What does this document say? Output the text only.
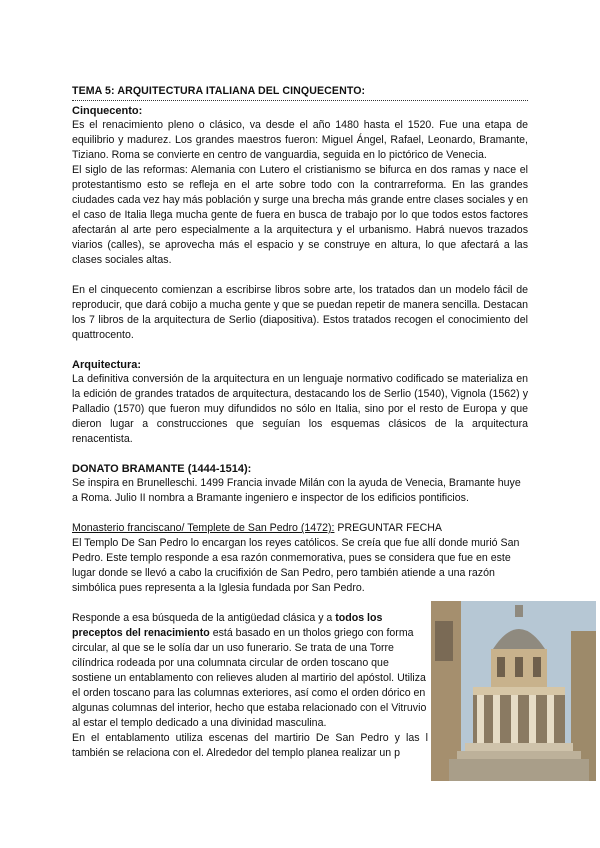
TEMA 5: ARQUITECTURA ITALIANA DEL CINQUECENTO:
Cinquecento:

Es el renacimiento pleno o clásico, va desde el año 1480 hasta el 1520. Fue una etapa de equilibrio y madurez. Los grandes maestros fueron: Miguel Ángel, Rafael, Leonardo, Bramante, Tiziano. Roma se convierte en centro de vanguardia, seguida en lo pictórico de Venecia.

El siglo de las reformas: Alemania con Lutero el cristianismo se bifurca en dos ramas y nace el protestantismo esto se refleja en el arte sobre todo con la contrarreforma. En las grandes ciudades cada vez hay más población y surge una brecha más grande entre clases sociales y en el caso de Italia llega mucha gente de fuera en busca de trabajo por lo que todos estos factores afectarán al arte pero especialmente a la arquitectura y el urbanismo. Habrá nuevos trazados viarios (calles), se aprovecha más el espacio y se construye en altura, lo que afectará a las clases sociales altas.

En el cinquecento comienzan a escribirse libros sobre arte, los tratados dan un modelo fácil de reproducir, que dará cobijo a mucha gente y que se puedan repetir de manera sencilla. Destacan los 7 libros de la arquitectura de Serlio (diapositiva). Estos tratados recogen el conocimiento del quattrocento.

Arquitectura:

La definitiva conversión de la arquitectura en un lenguaje normativo codificado se materializa en la edición de grandes tratados de arquitectura, destacando los de Serlio (1540), Vignola (1562) y Palladio (1570) que fueron muy difundidos no sólo en Italia, sino por el resto de Europa y que dieron lugar a construcciones que seguían los esquemas clásicos de la arquitectura renacentista.

DONATO BRAMANTE (1444-1514):

Se inspira en Brunelleschi. 1499 Francia invade Milán con la ayuda de Venecia, Bramante huye a Roma. Julio II nombra a Bramante ingeniero e inspector de los edificios pontificios.

Monasterio franciscano/ Templete de San Pedro (1472): PREGUNTAR FECHA

El Templo De San Pedro lo encargan los reyes católicos. Se creía que fue allí donde murió San Pedro. Este templo responde a esa razón conmemorativa, pues se considera que fue en este lugar donde se llevó a cabo la crucifixión de San Pedro, pero también atiende a una razón simbólica pues representa a la Iglesia fundada por San Pedro.

Responde a esa búsqueda de la antigüedad clásica y a todos los preceptos del renacimiento está basado en un tholos griego con forma circular, al que se le solía dar un uso funerario. Se trata de una Torre cilíndrica rodeada por una columnata circular de orden toscano que sostiene un entablamento con relieves aluden al martirio del apóstol. Utiliza el orden toscano para las columnas exteriores, así como el orden dórico en algunas columnas del interior, hecho que estaba relacionado con el Vitruvio al estar el templo dedicado a una divinidad masculina.

En el entablamento utiliza escenas del martirio De San Pedro y las l también se relaciona con el. Alrededor del templo planea realizar un p
